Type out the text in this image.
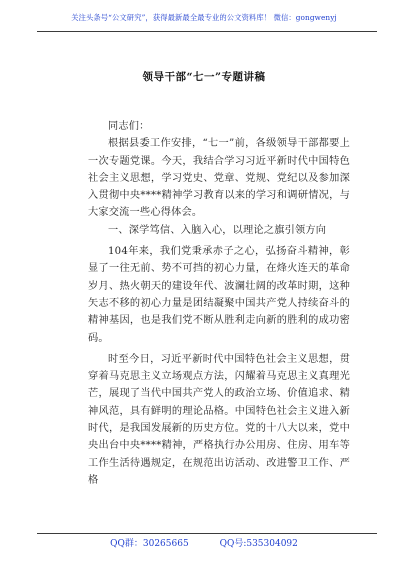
关注头条号“公文研究”，获得最新最全最专业的公文资料库！ 微信：gongwenyj
领导干部“七一”专题讲稿

同志们：

根据县委工作安排，“七一”前，各级领导干部都要上一次专题党课。今天，我结合学习习近平新时代中国特色社会主义思想，学习党史、党章、党规、党纪以及参加深入贯彻中央****精神学习教育以来的学习和调研情况，与大家交流一些心得体会。

一、深学笃信、入脑入心，以理论之旗引领方向

104年来，我们党秉承赤子之心，弘扬奋斗精神，彰显了一往无前、势不可挡的初心力量，在烽火连天的革命岁月、热火朝天的建设年代、波澜壮阔的改革时期，这种矢志不移的初心力量是团结凝聚中国共产党人持续奋斗的精神基因，也是我们党不断从胜利走向新的胜利的成功密码。

时至今日，习近平新时代中国特色社会主义思想，贯穿着马克思主义立场观点方法，闪耀着马克思主义真理光芒，展现了当代中国共产党人的政治立场、价值追求、精神风范，具有鲜明的理论品格。中国特色社会主义进入新时代，是我国发展新的历史方位。党的十八大以来，党中央出台中央****精神，严格执行办公用房、住房、用车等工作生活待遇规定，在规范出访活动、改进警卫工作、严格

QQ群：30265665	QQ号:535304092
